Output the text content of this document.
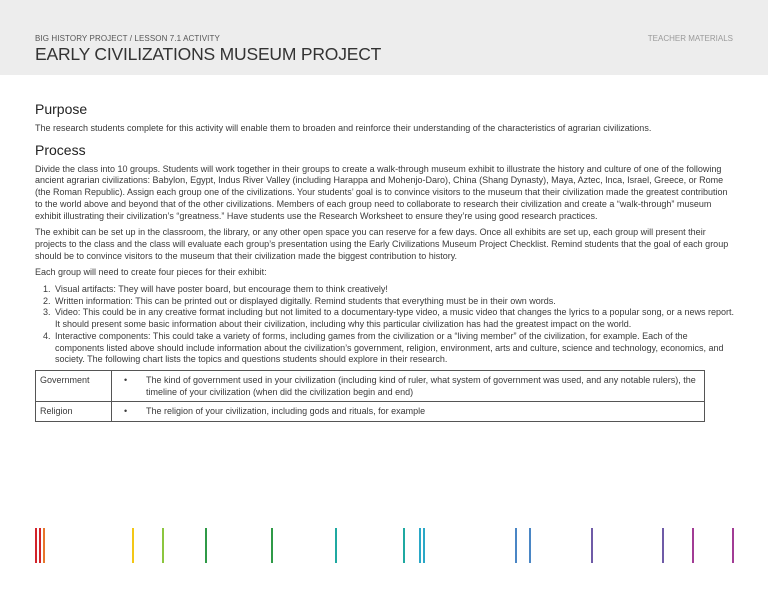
BIG HISTORY PROJECT / LESSON 7.1 ACTIVITY	TEACHER MATERIALS
EARLY CIVILIZATIONS MUSEUM PROJECT
Purpose

The research students complete for this activity will enable them to broaden and reinforce their understanding of the characteristics of agrarian civilizations.

Process

Divide the class into 10 groups. Students will work together in their groups to create a walk-through museum exhibit to illustrate the history and culture of one of the following ancient agrarian civilizations: Babylon, Egypt, Indus River Valley (including Harappa and Mohenjo-Daro), China (Shang Dynasty), Maya, Aztec, Inca, Israel, Greece, or Rome (the Roman Republic). Assign each group one of the civilizations. Your students’ goal is to convince visitors to the museum that their civilization made the greatest contribution to the world above and beyond that of the other civilizations. Members of each group need to collaborate to research their civilization and create a “walk-through” museum exhibit illustrating their civilization’s “greatness.” Have students use the Research Worksheet to ensure they’re using good research practices.

The exhibit can be set up in the classroom, the library, or any other open space you can reserve for a few days. Once all exhibits are set up, each group will present their projects to the class and the class will evaluate each group’s presentation using the Early Civilizations Museum Project Checklist. Remind students that the goal of each group should be to convince visitors to the museum that their civilization made the biggest contribution to history.

Each group will need to create four pieces for their exhibit:

1. Visual artifacts: They will have poster board, but encourage them to think creatively!
2. Written information: This can be printed out or displayed digitally. Remind students that everything must be in their own words.
3. Video: This could be in any creative format including but not limited to a documentary-type video, a music video that changes the lyrics to a popular song, or a news report. It should present some basic information about their civilization, including why this particular civilization has had the greatest impact on the world.
4. Interactive components: This could take a variety of forms, including games from the civilization or a “living member” of the civilization, for example. Each of the components listed above should include information about the civilization’s government, religion, environment, arts and culture, science and technology, economics, and society. The following chart lists the topics and questions students should explore in their research.
Government	• The kind of government used in your civilization (including kind of ruler, what system of government was used, and any notable rulers), the timeline of your civilization (when did the civilization begin and end)

Religion	• The religion of your civilization, including gods and rituals, for example
